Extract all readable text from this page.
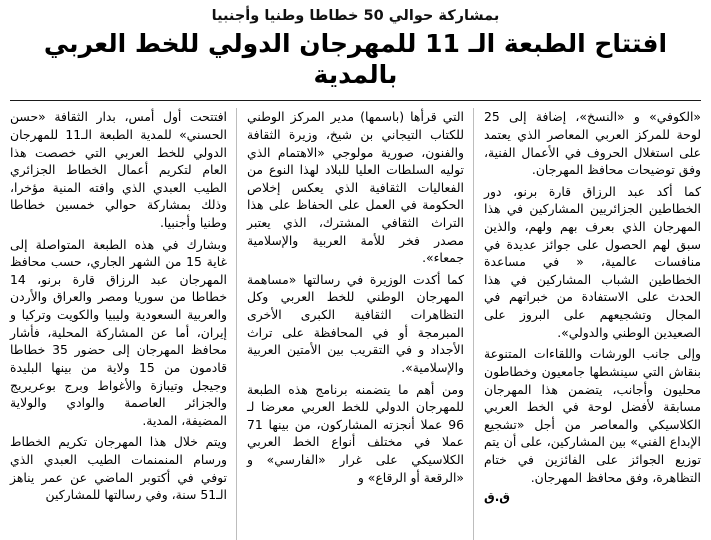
بمشاركة حوالي 50 خطاطا وطنيا وأجنبيا
افتتاح الطبعة الـ 11 للمهرجان الدولي للخط العربي بالمدية

«الكوفي» و «النسخ»، إضافة إلى 25 لوحة للمركز العربي المعاصر الذي يعتمد على استغلال الحروف في الأعمال الفنية، وفق توضيحات محافظ المهرجان.

كما أكد عبد الرزاق قارة برنو، دور الخطاطين الجزائريين المشاركين في هذا المهرجان الذي بعرف بهم ولهم، والذين سبق لهم الحصول على جوائز عديدة في منافسات عالمية، « في مساعدة الخطاطين الشباب المشاركين في هذا الحدث على الاستفادة من خبراتهم في المجال وتشجيعهم على البروز على الصعيدين الوطني والدولي».

وإلى جانب الورشات واللقاءات المتنوعة بنقاش التي سينشطها جامعيون وخطاطون محليون وأجانب، يتضمن هذا المهرجان مسابقة لأفضل لوحة في الخط العربي الكلاسيكي والمعاصر من أجل «تشجيع الإبداع الفني» بين المشاركين، على أن يتم توزيع الجوائز على الفائزين في ختام التظاهرة، وفق محافظ المهرجان.

ق.ق

التي قرأها (باسمها) مدير المركز الوطني للكتاب التيجاني بن شيخ، وزيرة الثقافة والفنون، صورية مولوجي «الاهتمام الذي توليه السلطات العليا للبلاد لهذا النوع من الفعاليات الثقافية الذي يعكس إخلاص الحكومة في العمل على الحفاظ على هذا التراث الثقافي المشترك، الذي يعتبر مصدر فخر للأمة العربية والإسلامية جمعاء».

كما أكدت الوزيرة في رسالتها «مساهمة المهرجان الوطني للخط العربي وكل التظاهرات الثقافية الكبرى الأخرى المبرمجة أو في المحافظة على تراث الأجداد و في التقريب بين الأمتين العربية والإسلامية».

ومن أهم ما يتضمنه برنامج هذه الطبعة للمهرجان الدولي للخط العربي معرضا لـ 96 عملا أنجزته المشاركون، من بينها 71 عملا في مختلف أنواع الخط العربي الكلاسيكي على غرار «الفارسي» و «الرقعة أو الرقاع» و

افتتحت أول أمس، بدار الثقافة «حسن الحسني» للمدية الطبعة الـ11 للمهرجان الدولي للخط العربي التي خصصت هذا العام لتكريم أعمال الخطاط الجزائري الطيب العبدي الذي وافته المنية مؤخرا، وذلك بمشاركة حوالي خمسين خطاطا وطنيا وأجنبيا.

وبشارك في هذه الطبعة المتواصلة إلى غاية 15 من الشهر الجاري، حسب محافظ المهرجان عبد الرزاق قارة برنو، 14 خطاطا من سوريا ومصر والعراق والأردن والعربية السعودية وليبيا والكويت وتركيا و إيران، أما عن المشاركة المحلية، فأشار محافظ المهرجان إلى حضور 35 خطاطا قادمون من 15 ولاية من بينها البليدة وجيجل وتيبازة والأغواط وبرج بوعريريج والجزائر العاصمة والوادي والولاية المضيفة، المدية.

ويتم خلال هذا المهرجان تكريم الخطاط ورسام المنمنمات الطيب العبدي الذي توفي في أكتوبر الماضي عن عمر يناهز الـ51 سنة، وفي رسالتها للمشاركين
